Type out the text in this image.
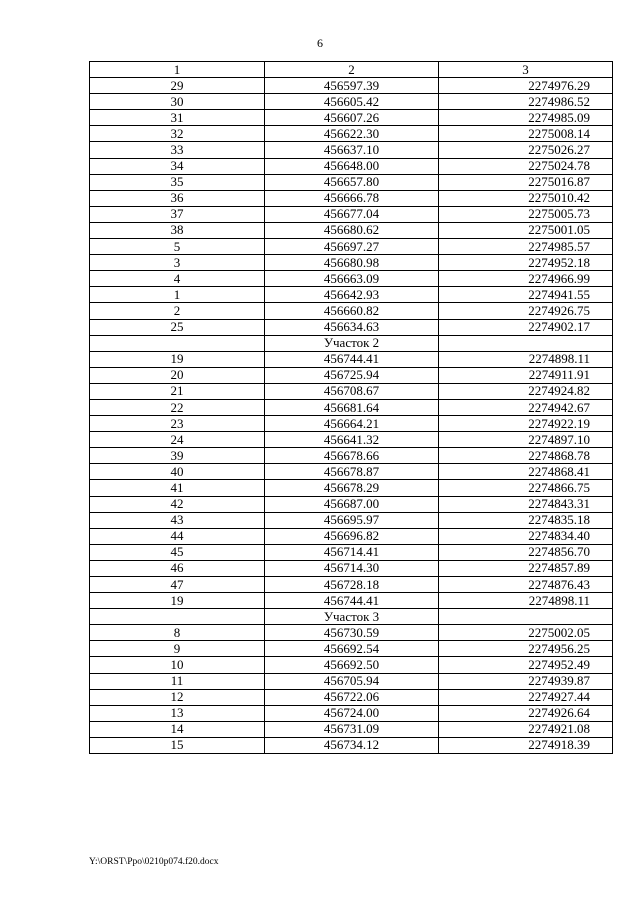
6
1	2	3
29	456597.39	2274976.29
30	456605.42	2274986.52
31	456607.26	2274985.09
32	456622.30	2275008.14
33	456637.10	2275026.27
34	456648.00	2275024.78
35	456657.80	2275016.87
36	456666.78	2275010.42
37	456677.04	2275005.73
38	456680.62	2275001.05
5	456697.27	2274985.57
3	456680.98	2274952.18
4	456663.09	2274966.99
1	456642.93	2274941.55
2	456660.82	2274926.75
25	456634.63	2274902.17
	Участок 2	
19	456744.41	2274898.11
20	456725.94	2274911.91
21	456708.67	2274924.82
22	456681.64	2274942.67
23	456664.21	2274922.19
24	456641.32	2274897.10
39	456678.66	2274868.78
40	456678.87	2274868.41
41	456678.29	2274866.75
42	456687.00	2274843.31
43	456695.97	2274835.18
44	456696.82	2274834.40
45	456714.41	2274856.70
46	456714.30	2274857.89
47	456728.18	2274876.43
19	456744.41	2274898.11
	Участок 3	
8	456730.59	2275002.05
9	456692.54	2274956.25
10	456692.50	2274952.49
11	456705.94	2274939.87
12	456722.06	2274927.44
13	456724.00	2274926.64
14	456731.09	2274921.08
15	456734.12	2274918.39
Y:\ORST\Ppo\0210p074.f20.docx
